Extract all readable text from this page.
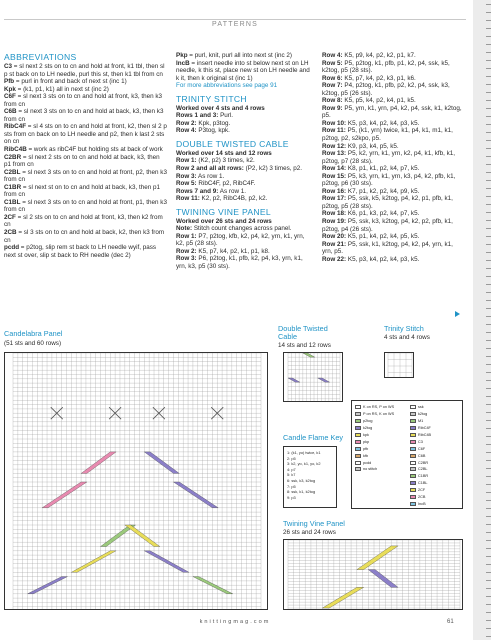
PATTERNS
ABBREVIATIONS
C3 = sl next 2 sts on to cn and hold at front, k1 tbl, then sl p st back on to LH needle, purl this st, then k1 tbl from cn
Pfb = purl in front and back of next st (inc 1)
Kpk = (k1, p1, k1) all in next st (inc 2)
C6F = sl next 3 sts on to cn and hold at front, k3, then k3 from cn
C6B = sl next 3 sts on to cn and hold at back, k3, then k3 from cn
RibC4F = sl 4 sts on to cn and hold at front, k2, then sl 2 p sts from cn back on to LH needle and p2, then k last 2 sts on cn
RibC4B = work as ribC4F but holding sts at back of work
C2BR = sl next 2 sts on to cn and hold at back, k3, then p1 from cn
C2BL = sl next 3 sts on to cn and hold at front, p2, then k3 from cn
C1BR = sl next st on to cn and hold at back, k3, then p1 from cn
C1BL = sl next 3 sts on to cn and hold at front, p1, then k3 from cn
2CF = sl 2 sts on to cn and hold at front, k3, then k2 from cn
2CB = sl 3 sts on to cn and hold at back, k2, then k3 from cn
pcdd = p2tog, slip rem st back to LH needle wyif, pass next st over, slip st back to RH needle (dec 2)
Pkp = purl, knit, purl all into next st (inc 2)
IncB = insert needle into st below next st on LH needle, k this st, place new st on LH needle and k it, then k original st (inc 1)
For more abbreviations see page 91
TRINITY STITCH
Worked over 4 sts and 4 rows
Rows 1 and 3: Purl.
Row 2: Kpk, p3tog.
Row 4: P3tog, kpk.
DOUBLE TWISTED CABLE
Worked over 14 sts and 12 rows
Row 1: (K2, p2) 3 times, k2.
Row 2 and all alt rows: (P2, k2) 3 times, p2.
Row 3: As row 1.
Row 5: RibC4F, p2, RibC4F.
Rows 7 and 9: As row 1.
Row 11: K2, p2, RibC4B, p2, k2.
TWINING VINE PANEL
Worked over 26 sts and 24 rows
Note: Stitch count changes across panel.
Row 1: P7, p2tog, kfb, k2, p4, k2, yrn, k1, yrn, k2, p5 (28 sts).
Row 2: K5, p7, k4, p2, k1, p1, k8.
Row 3: P6, p2tog, k1, pfb, k2, p4, k3, yrn, k1, yrn, k3, p5 (30 sts).
Row 4: K5, p9, k4, p2, k2, p1, k7.
Row 5: P5, p2tog, k1, pfb, p1, k2, p4, ssk, k5, k2tog, p5 (28 sts).
Row 6: K5, p7, k4, p2, k3, p1, k6.
Row 7: P4, p2tog, k1, pfb, p2, k2, p4, ssk, k3, k2tog, p5 (26 sts).
Row 8: K5, p5, k4, p2, k4, p1, k5.
Row 9: P5, yrn, k1, yrn, p4, k2, p4, ssk, k1, k2tog, p5.
Row 10: K5, p3, k4, p2, k4, p3, k5.
Row 11: P5, (k1, yrn) twice, k1, p4, k1, m1, k1, p2tog, p2, s2kpo, p5.
Row 12: K9, p3, k4, p5, k5.
Row 13: P5, k2, yrn, k1, yrn, k2, p4, k1, kfb, k1, p2tog, p7 (28 sts).
Row 14: K8, p1, k1, p2, k4, p7, k5.
Row 15: P5, k3, yrn, k1, yrn, k3, p4, k2, pfb, k1, p2tog, p6 (30 sts).
Row 16: K7, p1, k2, p2, k4, p9, k5.
Row 17: P5, ssk, k5, k2tog, p4, k2, p1, pfb, k1, p2tog, p5 (28 sts).
Row 18: K6, p1, k3, p2, k4, p7, k5.
Row 19: P5, ssk, k3, k2tog, p4, k2, p2, pfb, k1, p2tog, p4 (26 sts).
Row 20: K5, p1, k4, p2, k4, p5, k5.
Row 21: P5, ssk, k1, k2tog, p4, k2, p4, yrn, k1, yrn, p5.
Row 22: K5, p3, k4, p2, k4, p3, k5.
Candelabra Panel
(51 sts and 60 rows)
Double Twisted Cable
14 sts and 12 rows
Trinity Stitch
4 sts and 4 rows
Candle Flame Key
Twining Vine Panel
26 sts and 24 rows
1: (k1, yo) twice, k1
2: p5
3: k2, yo, k1, yo, k2
4: p7
5: k7
6: ssk, k3, k2tog
7: p5
8: ssk, k1, k2tog
9: p3
K on RS, P on WS
P on RS, K on WS
p2tog
k2tog
kpk
pkp
pfb
kfb
pcdd
no stitch
ssk
k2tog
M1
RibC4F
RibC4B
C3
C6F
C6B
C2BR
C2BL
C1BR
C1BL
2CF
2CB
IncB
knittingmag.com	61
